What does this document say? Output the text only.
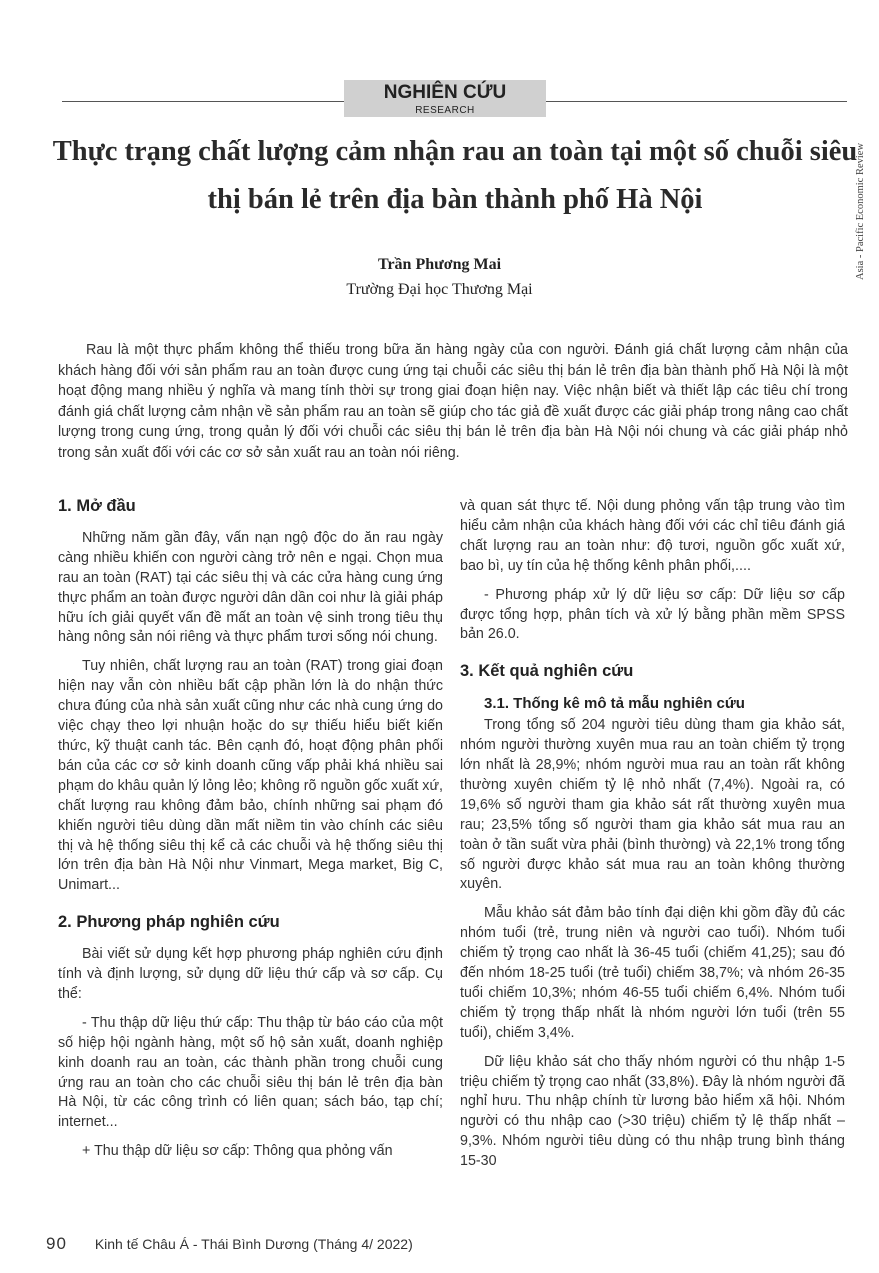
NGHIÊN CỨU
RESEARCH
Asia - Pacific Economic Review
Thực trạng chất lượng cảm nhận rau an toàn tại một số chuỗi siêu thị bán lẻ trên địa bàn thành phố Hà Nội
Trần Phương Mai
Trường Đại học Thương Mại

Rau là một thực phẩm không thể thiếu trong bữa ăn hàng ngày của con người. Đánh giá chất lượng cảm nhận của khách hàng đối với sản phẩm rau an toàn được cung ứng tại chuỗi các siêu thị bán lẻ trên địa bàn thành phố Hà Nội là một hoạt động mang nhiều ý nghĩa và mang tính thời sự trong giai đoạn hiện nay. Việc nhận biết và thiết lập các tiêu chí trong đánh giá chất lượng cảm nhận về sản phẩm rau an toàn sẽ giúp cho tác giả đề xuất được các giải pháp trong nâng cao chất lượng trong cung ứng, trong quản lý đối với chuỗi các siêu thị bán lẻ trên địa bàn Hà Nội nói chung và các giải pháp nhỏ trong sản xuất đối với các cơ sở sản xuất rau an toàn nói riêng.

1. Mở đầu

Những năm gần đây, vấn nạn ngộ độc do ăn rau ngày càng nhiều khiến con người càng trở nên e ngại. Chọn mua rau an toàn (RAT) tại các siêu thị và các cửa hàng cung ứng thực phẩm an toàn được người dân dần coi như là giải pháp hữu ích giải quyết vấn đề mất an toàn vệ sinh trong tiêu thụ hàng nông sản nói riêng và thực phẩm tươi sống nói chung.

Tuy nhiên, chất lượng rau an toàn (RAT) trong giai đoạn hiện nay vẫn còn nhiều bất cập phần lớn là do nhận thức chưa đúng của nhà sản xuất cũng như các nhà cung ứng do việc chạy theo lợi nhuận hoặc do sự thiếu hiểu biết kiến thức, kỹ thuật canh tác. Bên cạnh đó, hoạt động phân phối bán của các cơ sở kinh doanh cũng vấp phải khá nhiều sai phạm do khâu quản lý lỏng lẻo; không rõ nguồn gốc xuất xứ, chất lượng rau không đảm bảo, chính những sai phạm đó khiến người tiêu dùng dần mất niềm tin vào chính các siêu thị và hệ thống siêu thị kể cả các chuỗi và hệ thống siêu thị lớn trên địa bàn Hà Nội như Vinmart, Mega market, Big C, Unimart...

2. Phương pháp nghiên cứu

Bài viết sử dụng kết hợp phương pháp nghiên cứu định tính và định lượng, sử dụng dữ liệu thứ cấp và sơ cấp. Cụ thể:

- Thu thập dữ liệu thứ cấp: Thu thập từ báo cáo của một số hiệp hội ngành hàng, một số hộ sản xuất, doanh nghiệp kinh doanh rau an toàn, các thành phần trong chuỗi cung ứng rau an toàn cho các chuỗi siêu thị bán lẻ trên địa bàn Hà Nội, từ các công trình có liên quan; sách báo, tạp chí; internet...

+ Thu thập dữ liệu sơ cấp: Thông qua phỏng vấn

và quan sát thực tế. Nội dung phỏng vấn tập trung vào tìm hiểu cảm nhận của khách hàng đối với các chỉ tiêu đánh giá chất lượng rau an toàn như: độ tươi, nguồn gốc xuất xứ, bao bì, uy tín của hệ thống kênh phân phối,....

- Phương pháp xử lý dữ liệu sơ cấp: Dữ liệu sơ cấp được tổng hợp, phân tích và xử lý bằng phần mềm SPSS bản 26.0.

3. Kết quả nghiên cứu
3.1. Thống kê mô tả mẫu nghiên cứu

Trong tổng số 204 người tiêu dùng tham gia khảo sát, nhóm người thường xuyên mua rau an toàn chiếm tỷ trọng lớn nhất là 28,9%; nhóm người mua rau an toàn rất không thường xuyên chiếm tỷ lệ nhỏ nhất (7,4%). Ngoài ra, có 19,6% số người tham gia khảo sát rất thường xuyên mua rau; 23,5% tổng số người tham gia khảo sát mua rau an toàn ở tần suất vừa phải (bình thường) và 22,1% trong tổng số người được khảo sát mua rau an toàn không thường xuyên.

Mẫu khảo sát đảm bảo tính đại diện khi gồm đầy đủ các nhóm tuổi (trẻ, trung niên và người cao tuổi). Nhóm tuổi chiếm tỷ trọng cao nhất là 36-45 tuổi (chiếm 41,25); sau đó đến nhóm 18-25 tuổi (trẻ tuổi) chiếm 38,7%; và nhóm 26-35 tuổi chiếm 10,3%; nhóm 46-55 tuổi chiếm 6,4%. Nhóm tuổi chiếm tỷ trọng thấp nhất là nhóm người lớn tuổi (trên 55 tuổi), chiếm 3,4%.

Dữ liệu khảo sát cho thấy nhóm người có thu nhập 1-5 triệu chiếm tỷ trọng cao nhất (33,8%). Đây là nhóm người đã nghỉ hưu. Thu nhập chính từ lương bảo hiểm xã hội. Nhóm người có thu nhập cao (>30 triệu) chiếm tỷ lệ thấp nhất – 9,3%. Nhóm người tiêu dùng có thu nhập trung bình tháng 15-30

90 Kinh tế Châu Á - Thái Bình Dương (Tháng 4/ 2022)
